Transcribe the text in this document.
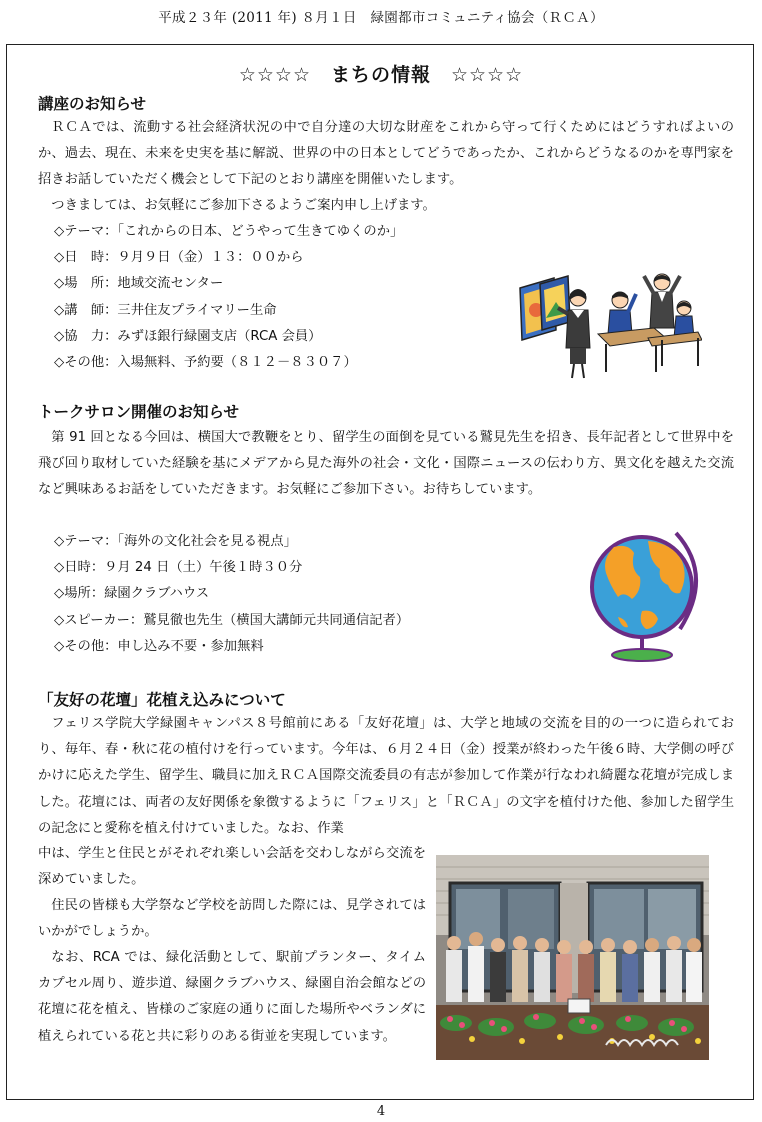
平成２３年 (2011 年) ８月１日　緑園都市コミュニティ協会（ＲＣＡ）
☆☆☆☆　まちの情報　☆☆☆☆
講座のお知らせ

ＲＣＡでは、流動する社会経済状況の中で自分達の大切な財産をこれから守って行くためにはどうすればよいのか、過去、現在、未来を史実を基に解説、世界の中の日本としてどうであったか、これからどうなるのかを専門家を招きお話していただく機会として下記のとおり講座を開催いたします。

つきましては、お気軽にご参加下さるようご案内申し上げます。

◇テーマ：「これからの日本、どうやって生きてゆくのか」
◇日　時：９月９日（金）１３：００から
◇場　所：地域交流センター
◇講　師：三井住友プライマリー生命
◇協　力：みずほ銀行緑園支店（RCA 会員）
◇その他：入場無料、予約要（８１２－８３０７）
トークサロン開催のお知らせ

第 91 回となる今回は、横国大で教鞭をとり、留学生の面倒を見ている鷲見先生を招き、長年記者として世界中を飛び回り取材していた経験を基にメデアから見た海外の社会・文化・国際ニュースの伝わり方、異文化を越えた交流など興味あるお話をしていただきます。お気軽にご参加下さい。お待ちしています。

◇テーマ：「海外の文化社会を見る視点」
◇日時：９月 24 日（土）午後１時３０分
◇場所：緑園クラブハウス
◇スピーカー：鷲見徹也先生（横国大講師元共同通信記者）
◇その他：申し込み不要・参加無料
「友好の花壇」花植え込みについて

フェリス学院大学緑園キャンパス８号館前にある「友好花壇」は、大学と地域の交流を目的の一つに造られており、毎年、春・秋に花の植付けを行っています。今年は、６月２４日（金）授業が終わった午後６時、大学側の呼びかけに応えた学生、留学生、職員に加えＲＣＡ国際交流委員の有志が参加して作業が行なわれ綺麗な花壇が完成しました。花壇には、両者の友好関係を象徴するように「フェリス」と「ＲＣＡ」の文字を植付けた他、参加した留学生の記念にと愛称を植え付けていました。なお、作業

中は、学生と住民とがそれぞれ楽しい会話を交わしながら交流を深めていました。

住民の皆様も大学祭など学校を訪問した際には、見学されてはいかがでしょうか。

なお、RCA では、緑化活動として、駅前プランター、タイムカプセル周り、遊歩道、緑園クラブハウス、緑園自治会館などの花壇に花を植え、皆様のご家庭の通りに面した場所やベランダに植えられている花と共に彩りのある街並を実現しています。

4
